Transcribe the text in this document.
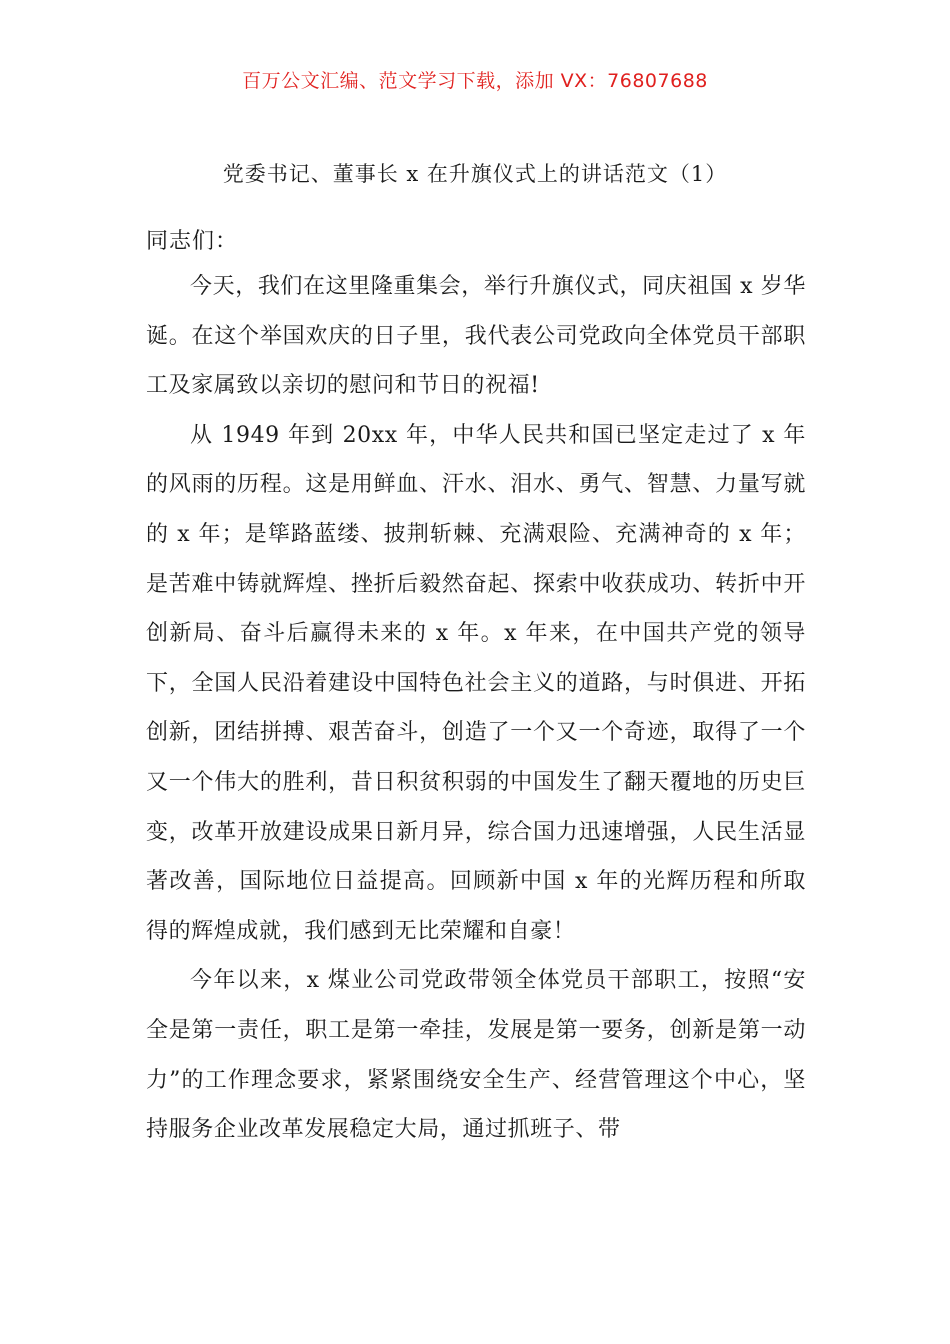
百万公文汇编、范文学习下载，添加 VX：76807688
党委书记、董事长 x 在升旗仪式上的讲话范文（1）
同志们：

今天，我们在这里隆重集会，举行升旗仪式，同庆祖国 x 岁华诞。在这个举国欢庆的日子里，我代表公司党政向全体党员干部职工及家属致以亲切的慰问和节日的祝福!

从 1949 年到 20xx 年，中华人民共和国已坚定走过了 x 年的风雨的历程。这是用鲜血、汗水、泪水、勇气、智慧、力量写就的 x 年；是筚路蓝缕、披荆斩棘、充满艰险、充满神奇的 x 年；是苦难中铸就辉煌、挫折后毅然奋起、探索中收获成功、转折中开创新局、奋斗后赢得未来的 x 年。x 年来，在中国共产党的领导下，全国人民沿着建设中国特色社会主义的道路，与时俱进、开拓创新，团结拼搏、艰苦奋斗，创造了一个又一个奇迹，取得了一个又一个伟大的胜利，昔日积贫积弱的中国发生了翻天覆地的历史巨变，改革开放建设成果日新月异，综合国力迅速增强，人民生活显著改善，国际地位日益提高。回顾新中国 x 年的光辉历程和所取得的辉煌成就，我们感到无比荣耀和自豪！

今年以来，x 煤业公司党政带领全体党员干部职工，按照“安全是第一责任，职工是第一牵挂，发展是第一要务，创新是第一动力”的工作理念要求，紧紧围绕安全生产、经营管理这个中心，坚持服务企业改革发展稳定大局，通过抓班子、带
